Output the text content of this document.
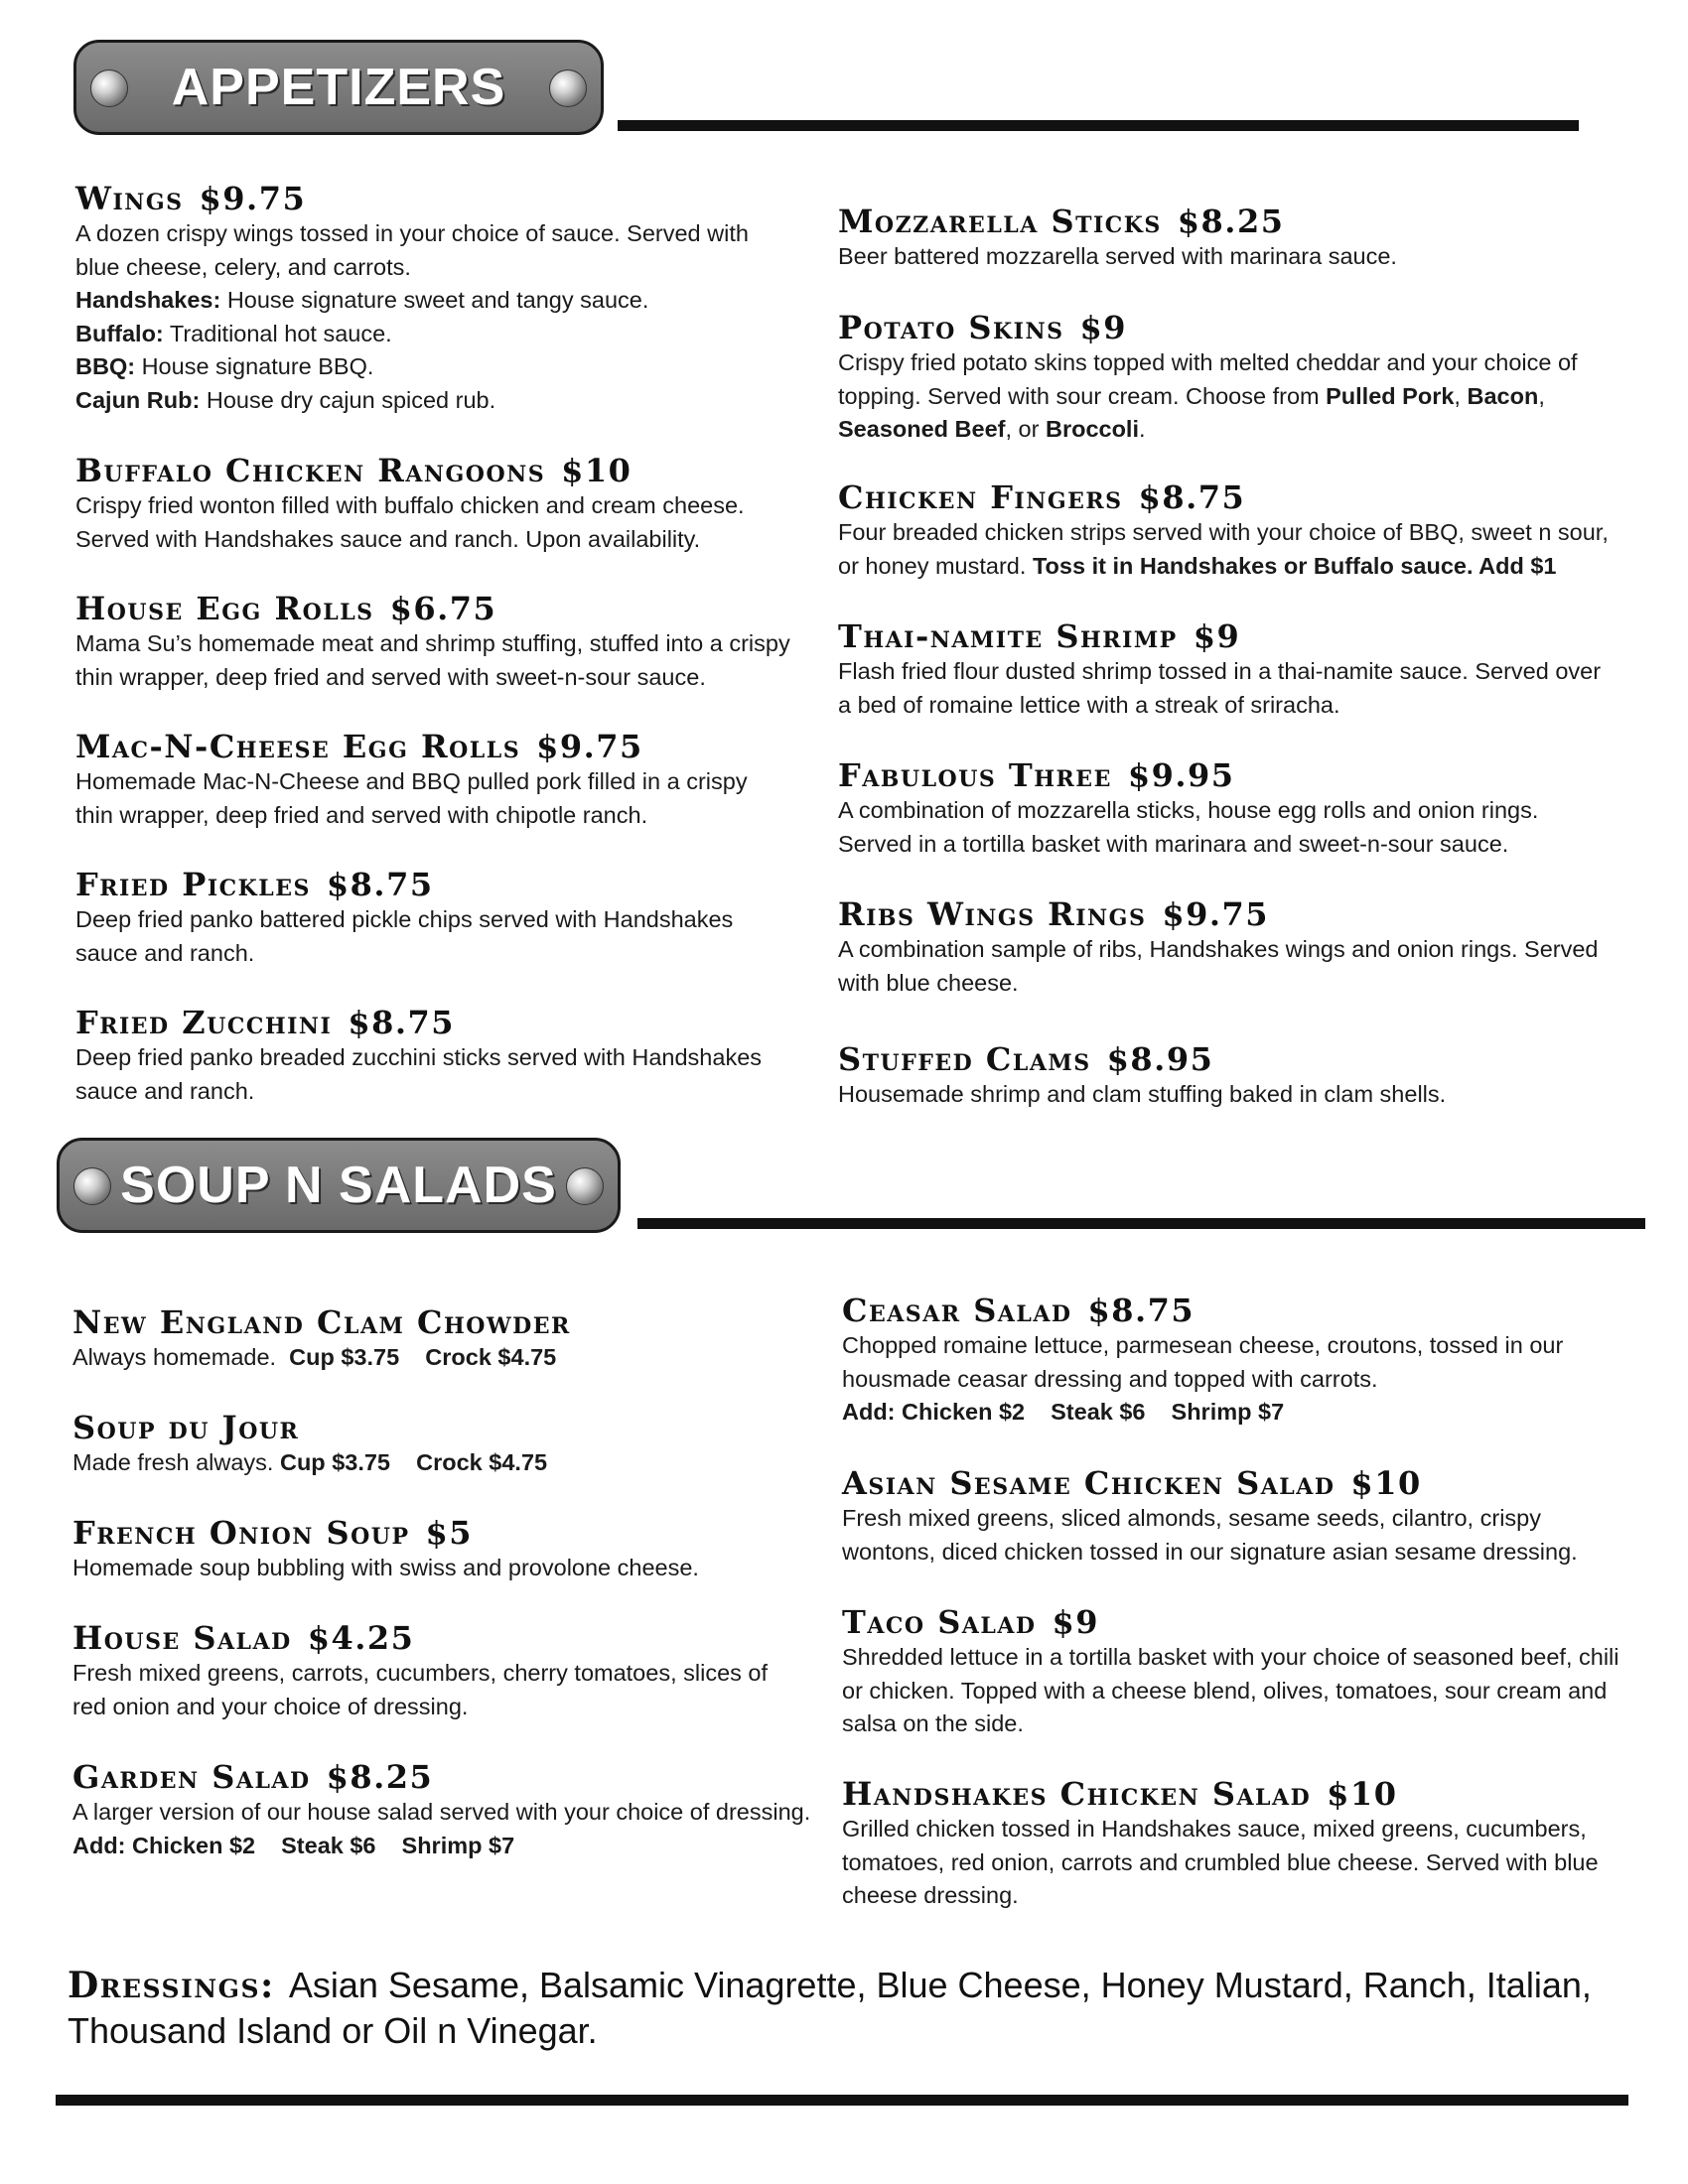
APPETIZERS
Wings $9.75
A dozen crispy wings tossed in your choice of sauce. Served with blue cheese, celery, and carrots.
Handshakes: House signature sweet and tangy sauce.
Buffalo: Traditional hot sauce.
BBQ: House signature BBQ.
Cajun Rub: House dry cajun spiced rub.
Buffalo Chicken Rangoons $10
Crispy fried wonton filled with buffalo chicken and cream cheese. Served with Handshakes sauce and ranch. Upon availability.
House Egg Rolls $6.75
Mama Su’s homemade meat and shrimp stuffing, stuffed into a crispy thin wrapper, deep fried and served with sweet-n-sour sauce.
Mac-N-Cheese Egg Rolls $9.75
Homemade Mac-N-Cheese and BBQ pulled pork filled in a crispy thin wrapper, deep fried and served with chipotle ranch.
Fried Pickles $8.75
Deep fried panko battered pickle chips served with Handshakes sauce and ranch.
Fried Zucchini $8.75
Deep fried panko breaded zucchini sticks served with Handshakes sauce and ranch.
Mozzarella Sticks $8.25
Beer battered mozzarella served with marinara sauce.
Potato Skins $9
Crispy fried potato skins topped with melted cheddar and your choice of topping. Served with sour cream. Choose from Pulled Pork, Bacon, Seasoned Beef, or Broccoli.
Chicken Fingers $8.75
Four breaded chicken strips served with your choice of BBQ, sweet n sour, or honey mustard. Toss it in Handshakes or Buffalo sauce. Add $1
Thai-namite Shrimp $9
Flash fried flour dusted shrimp tossed in a thai-namite sauce. Served over a bed of romaine lettice with a streak of sriracha.
Fabulous Three $9.95
A combination of mozzarella sticks, house egg rolls and onion rings. Served in a tortilla basket with marinara and sweet-n-sour sauce.
Ribs Wings Rings $9.75
A combination sample of ribs, Handshakes wings and onion rings. Served with blue cheese.
Stuffed Clams $8.95
Housemade shrimp and clam stuffing baked in clam shells.
SOUP N SALADS
New England Clam Chowder
Always homemade. Cup $3.75 Crock $4.75
Soup du Jour
Made fresh always. Cup $3.75 Crock $4.75
French Onion Soup $5
Homemade soup bubbling with swiss and provolone cheese.
House Salad $4.25
Fresh mixed greens, carrots, cucumbers, cherry tomatoes, slices of red onion and your choice of dressing.
Garden Salad $8.25
A larger version of our house salad served with your choice of dressing.
Add: Chicken $2 Steak $6 Shrimp $7
Ceasar Salad $8.75
Chopped romaine lettuce, parmesean cheese, croutons, tossed in our housmade ceasar dressing and topped with carrots.
Add: Chicken $2 Steak $6 Shrimp $7
Asian Sesame Chicken Salad $10
Fresh mixed greens, sliced almonds, sesame seeds, cilantro, crispy wontons, diced chicken tossed in our signature asian sesame dressing.
Taco Salad $9
Shredded lettuce in a tortilla basket with your choice of seasoned beef, chili or chicken. Topped with a cheese blend, olives, tomatoes, sour cream and salsa on the side.
Handshakes Chicken Salad $10
Grilled chicken tossed in Handshakes sauce, mixed greens, cucumbers, tomatoes, red onion, carrots and crumbled blue cheese. Served with blue cheese dressing.
Dressings: Asian Sesame, Balsamic Vinagrette, Blue Cheese, Honey Mustard, Ranch, Italian, Thousand Island or Oil n Vinegar.
